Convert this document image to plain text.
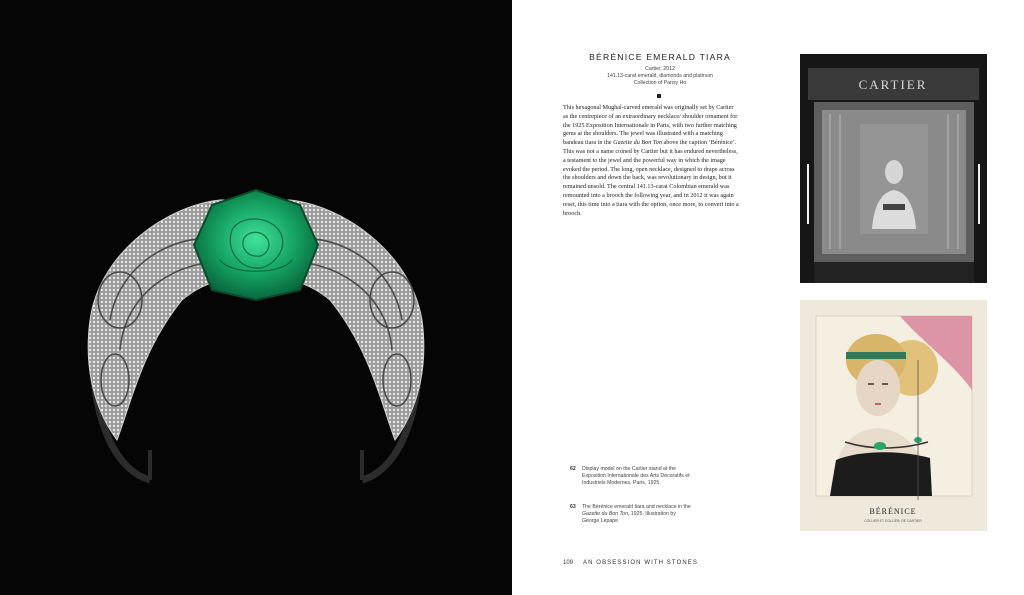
BÉRÉNICE EMERALD TIARA
Cartier, 2012
141.13-carat emerald, diamonds and platinum
Collection of Pansy Ho

This hexagonal Mughal-carved emerald was originally set by Cartier as the centrepiece of an extraordinary necklace/ shoulder ornament for the 1925 Exposition Internationale in Paris, with two further matching gems at the shoulders. The jewel was illustrated with a matching bandeau tiara in the Gazette du Bon Ton above the caption ‘Bérénice’. This was not a name coined by Cartier but it has endured nevertheless, a testament to the jewel and the powerful way in which the image evoked the period. The long, open necklace, designed to drape across the shoulders and down the back, was revolutionary in design, but it remained unsold. The central 141.13-carat Colombian emerald was remounted into a brooch the following year, and in 2012 it was again reset, this time into a tiara with the option, once more, to convert into a brooch.

62 Display model on the Cartier stand at the Exposition Internationale des Arts Décoratifs et Industriels Modernes, Paris, 1925
63 The Bérénice emerald tiara and necklace in the Gazette du Bon Ton, 1925. Illustration by George Lepape
109 AN OBSESSION WITH STONES
CARTIER
BÉRÉNICE
COLLIER ET COLLIER, DE CARTIER
